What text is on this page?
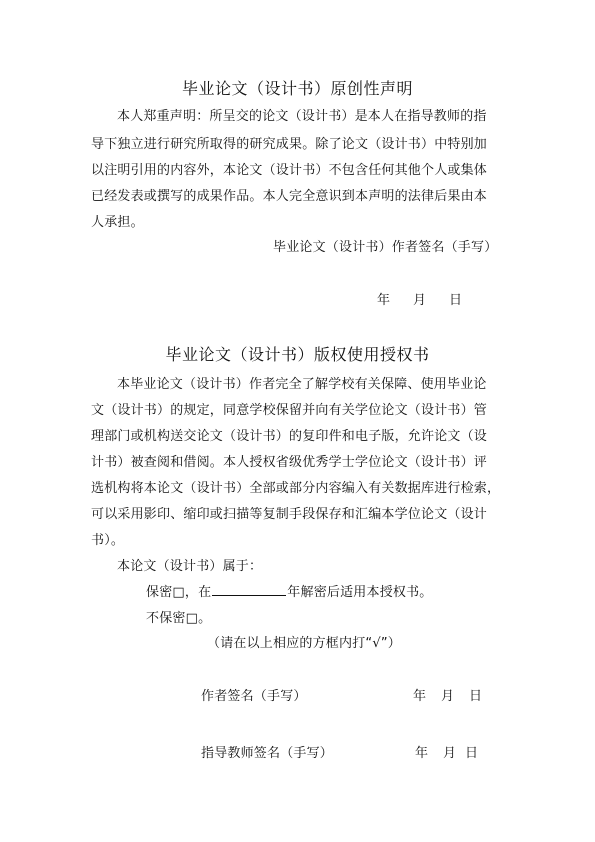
毕业论文（设计书）原创性声明
本人郑重声明：所呈交的论文（设计书）是本人在指导教师的指
导下独立进行研究所取得的研究成果。除了论文（设计书）中特别加
以注明引用的内容外，本论文（设计书）不包含任何其他个人或集体
已经发表或撰写的成果作品。本人完全意识到本声明的法律后果由本
人承担。
毕业论文（设计书）作者签名（手写）
年 月 日
毕业论文（设计书）版权使用授权书
本毕业论文（设计书）作者完全了解学校有关保障、使用毕业论
文（设计书）的规定，同意学校保留并向有关学位论文（设计书）管
理部门或机构送交论文（设计书）的复印件和电子版，允许论文（设
计书）被查阅和借阅。本人授权省级优秀学士学位论文（设计书）评
选机构将本论文（设计书）全部或部分内容编入有关数据库进行检索，
可以采用影印、缩印或扫描等复制手段保存和汇编本学位论文（设计
书）。
本论文（设计书）属于：
保密□，在	年解密后适用本授权书。
不保密□。
（请在以上相应的方框内打“√”）
作者签名（手写）	年 月 日
指导教师签名（手写）	年 月 日
